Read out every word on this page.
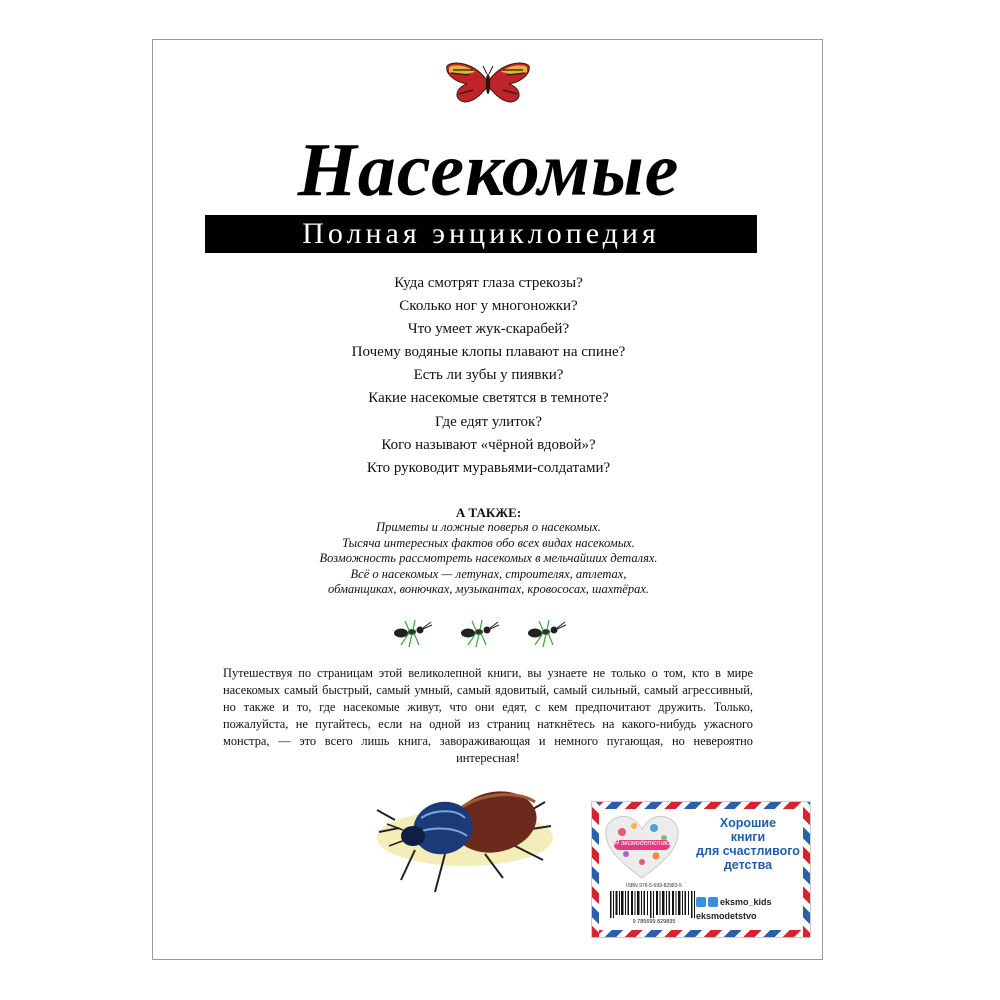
Насекомые
Полная энциклопедия
Куда смотрят глаза стрекозы?
Сколько ног у многоножки?
Что умеет жук-скарабей?
Почему водяные клопы плавают на спине?
Есть ли зубы у пиявки?
Какие насекомые светятся в темноте?
Где едят улиток?
Кого называют «чёрной вдовой»?
Кто руководит муравьями-солдатами?
А ТАКЖЕ:
Приметы и ложные поверья о насекомых.
Тысяча интересных фактов обо всех видах насекомых.
Возможность рассмотреть насекомых в мельчайших деталях.
Всё о насекомых — летунах, строителях, атлетах,
обманщиках, вонючках, музыкантах, кровососах, шахтёрах.

Путешествуя по страницам этой великолепной книги, вы узнаете не только о том, кто в мире насекомых самый быстрый, самый умный, самый ядовитый, самый сильный, самый агрессивный, но также и то, где насекомые живут, что они едят, с кем предпочитают дружить. Только, пожалуйста, не пугайтесь, если на одной из страниц наткнётесь на какого-нибудь ужасного монстра, — это всего лишь книга, завораживающая и немного пугающая, но невероятно интересная!

Я эксмодетство
Хорошие
книги
для счастливого
детства
ISBN 978-5-699-82983-5
9 785699 829835
eksmo_kids
eksmodetstvo
